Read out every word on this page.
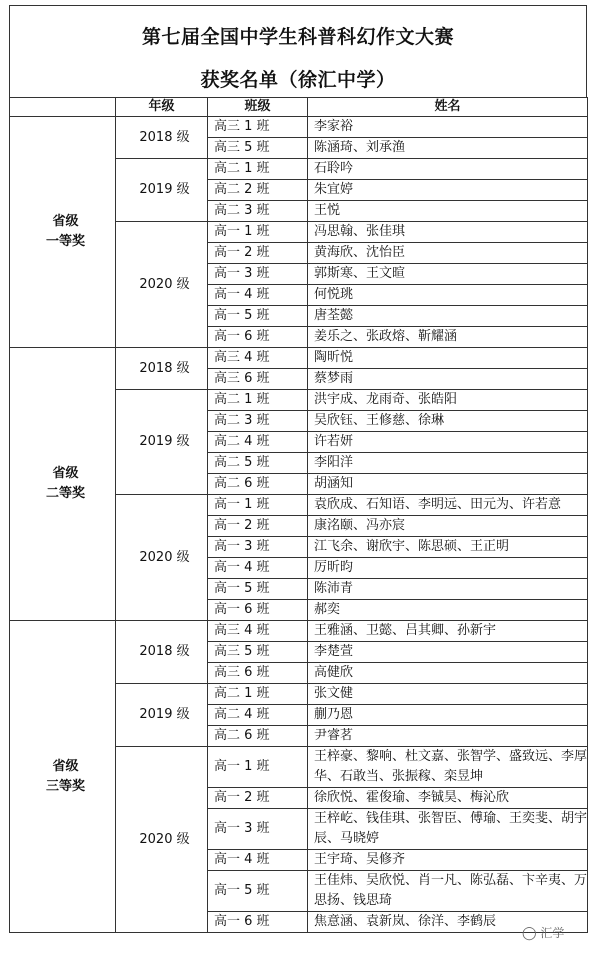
第七届全国中学生科普科幻作文大赛
获奖名单（徐汇中学）
	年级	班级	姓名

省级
一等奖	2018 级	高三 1 班	李家裕
		高三 5 班	陈涵琦、刘承渔
	2019 级	高二 1 班	石聆吟
		高二 2 班	朱宜婷
		高二 3 班	王悦
	2020 级	高一 1 班	冯思翰、张佳琪
		高一 2 班	黄海欣、沈怡臣
		高一 3 班	郭斯寒、王文暄
		高一 4 班	何悦珧
		高一 5 班	唐荃懿
		高一 6 班	姜乐之、张政熔、靳耀涵

省级
二等奖	2018 级	高三 4 班	陶昕悦
		高三 6 班	蔡梦雨
	2019 级	高二 1 班	洪宇成、龙雨奇、张皓阳
		高二 3 班	吴欣钰、王修慈、徐琳
		高二 4 班	许若妍
		高二 5 班	李阳洋
		高二 6 班	胡涵知
	2020 级	高一 1 班	袁欣成、石知语、李明远、田元为、许若意
		高一 2 班	康洺颐、冯亦宸
		高一 3 班	江飞余、谢欣宇、陈思硕、王正明
		高一 4 班	厉昕昀
		高一 5 班	陈沛青
		高一 6 班	郝奕

省级
三等奖	2018 级	高三 4 班	王雅涵、卫懿、吕其卿、孙新宇
		高三 5 班	李楚萱
		高三 6 班	高健欣
	2019 级	高二 1 班	张文健
		高二 4 班	蒯乃恩
		高二 6 班	尹睿茗
	2020 级	高一 1 班	王梓豪、黎响、杜文嘉、张智学、盛致远、李厚华、石敢当、张振稼、栾昱坤
		高一 2 班	徐欣悦、霍俊瑜、李铖昊、梅沁欣
		高一 3 班	王梓屹、钱佳琪、张智臣、傅瑜、王奕斐、胡宇辰、马晓婷
		高一 4 班	王宇琦、吴修齐
		高一 5 班	王佳炜、吴欣悦、肖一凡、陈弘磊、卞辛夷、万思扬、钱思琦
		高一 6 班	焦意涵、袁新岚、徐洋、李鹤辰
◯ 汇学
